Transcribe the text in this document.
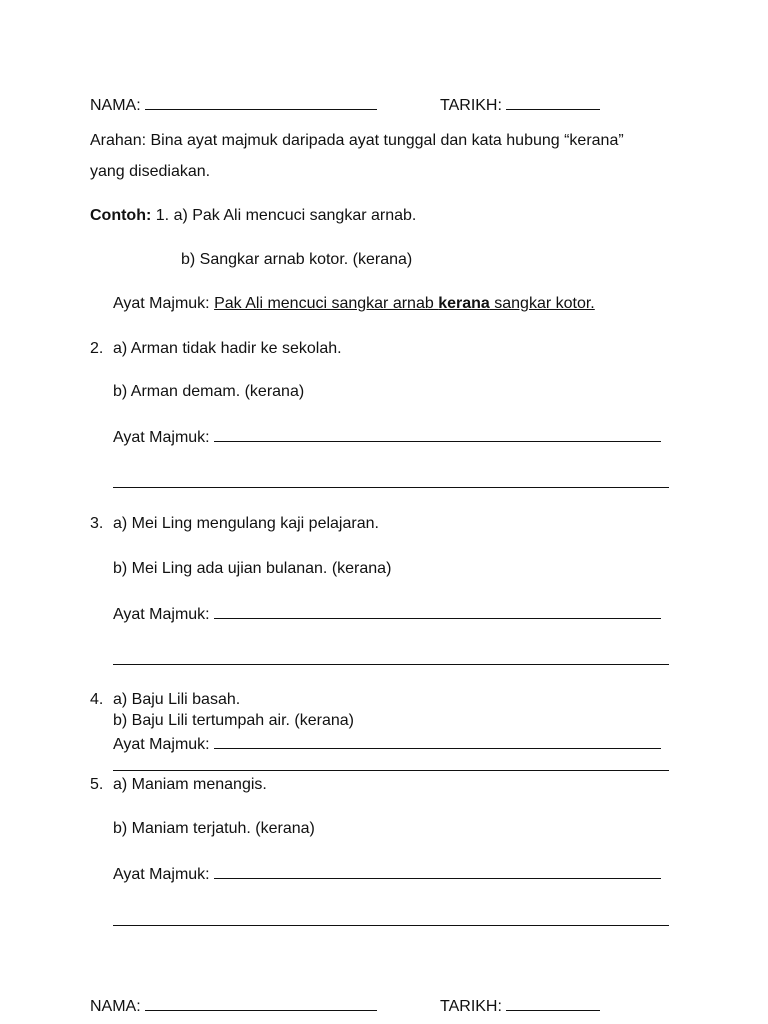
NAMA:	TARIKH:
Arahan: Bina ayat majmuk daripada ayat tunggal dan kata hubung “kerana”
yang disediakan.
Contoh: 1. a) Pak Ali mencuci sangkar arnab.
b) Sangkar arnab kotor. (kerana)
Ayat Majmuk: Pak Ali mencuci sangkar arnab kerana sangkar kotor.
2. a) Arman tidak hadir ke sekolah.
b) Arman demam. (kerana)
Ayat Majmuk:
3. a) Mei Ling mengulang kaji pelajaran.
b) Mei Ling ada ujian bulanan. (kerana)
Ayat Majmuk:
4. a) Baju Lili basah.
b) Baju Lili tertumpah air. (kerana)
Ayat Majmuk:
5. a) Maniam menangis.
b) Maniam terjatuh. (kerana)
Ayat Majmuk:
NAMA:	TARIKH:
